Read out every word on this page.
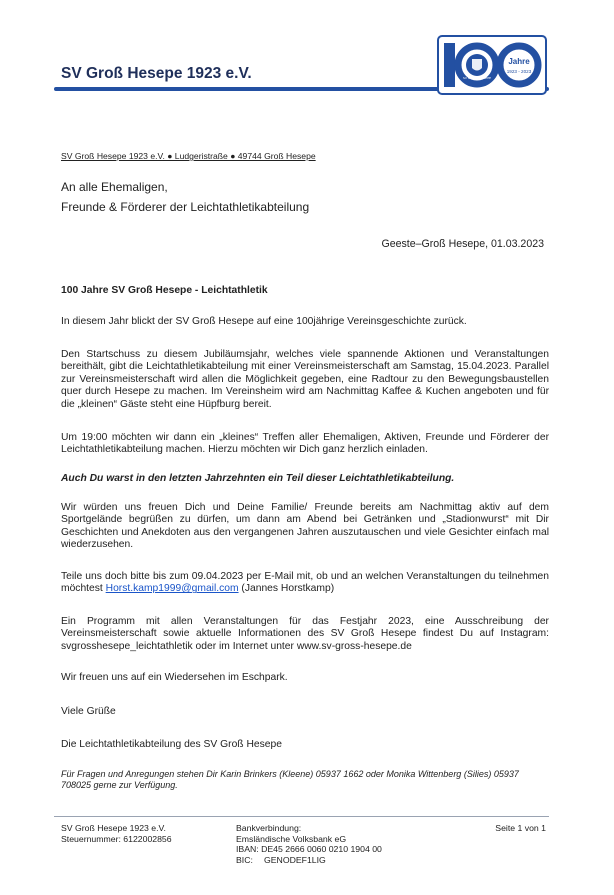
SV Groß Hesepe 1923 e.V.	SV GROSS HESEPE
Jahre
1923 - 2023
SV Groß Hesepe 1923 e.V. ● Ludgeristraße ● 49744 Groß Hesepe
An alle Ehemaligen,
Freunde & Förderer der Leichtathletikabteilung
Geeste–Groß Hesepe, 01.03.2023
100 Jahre SV Groß Hesepe - Leichtathletik
In diesem Jahr blickt der SV Groß Hesepe auf eine 100jährige Vereinsgeschichte zurück.
Den Startschuss zu diesem Jubiläumsjahr, welches viele spannende Aktionen und Veranstaltungen bereithält, gibt die Leichtathletikabteilung mit einer Vereinsmeisterschaft am Samstag, 15.04.2023. Parallel zur Vereinsmeisterschaft wird allen die Möglichkeit gegeben, eine Radtour zu den Bewegungsbaustellen quer durch Hesepe zu machen. Im Vereinsheim wird am Nachmittag Kaffee & Kuchen angeboten und für die „kleinen“ Gäste steht eine Hüpfburg bereit.
Um 19:00 möchten wir dann ein „kleines“ Treffen aller Ehemaligen, Aktiven, Freunde und Förderer der Leichtathletikabteilung machen. Hierzu möchten wir Dich ganz herzlich einladen.
Auch Du warst in den letzten Jahrzehnten ein Teil dieser Leichtathletikabteilung.
Wir würden uns freuen Dich und Deine Familie/ Freunde bereits am Nachmittag aktiv auf dem Sportgelände begrüßen zu dürfen, um dann am Abend bei Getränken und „Stadionwurst“ mit Dir Geschichten und Anekdoten aus den vergangenen Jahren auszutauschen und viele Gesichter einfach mal wiederzusehen.
Teile uns doch bitte bis zum 09.04.2023 per E-Mail mit, ob und an welchen Veranstaltungen du teilnehmen möchtest Horst.kamp1999@gmail.com (Jannes Horstkamp)
Ein Programm mit allen Veranstaltungen für das Festjahr 2023, eine Ausschreibung der Vereinsmeisterschaft sowie aktuelle Informationen des SV Groß Hesepe findest Du auf Instagram: svgrosshesepe_leichtathletik oder im Internet unter www.sv-gross-hesepe.de
Wir freuen uns auf ein Wiedersehen im Eschpark.
Viele Grüße
Die Leichtathletikabteilung des SV Groß Hesepe
Für Fragen und Anregungen stehen Dir Karin Brinkers (Kleene) 05937 1662 oder Monika Wittenberg (Silies) 05937 708025 gerne zur Verfügung.
SV Groß Hesepe 1923 e.V.
Steuernummer: 6122002856
Bankverbindung:
Emsländische Volksbank eG
IBAN: DE45 2666 0060 0210 1904 00
BIC: GENODEF1LIG
Seite 1 von 1
